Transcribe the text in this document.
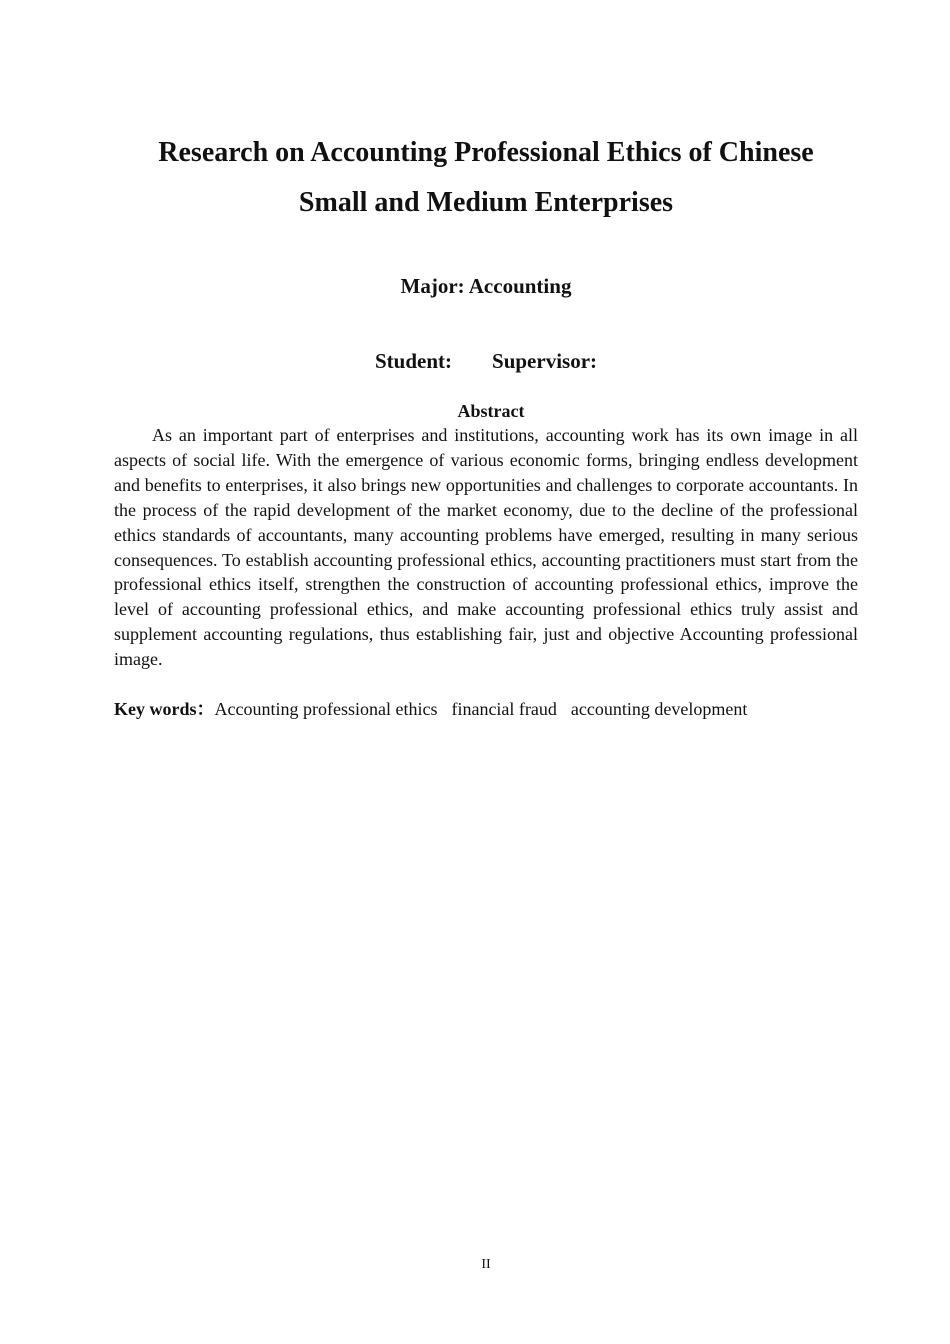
Research on Accounting Professional Ethics of Chinese
Small and Medium Enterprises

Major: Accounting

Student: Supervisor:

Abstract

As an important part of enterprises and institutions, accounting work has its own image in all aspects of social life. With the emergence of various economic forms, bringing endless development and benefits to enterprises, it also brings new opportunities and challenges to corporate accountants. In the process of the rapid development of the market economy, due to the decline of the professional ethics standards of accountants, many accounting problems have emerged, resulting in many serious consequences. To establish accounting professional ethics, accounting practitioners must start from the professional ethics itself, strengthen the construction of accounting professional ethics, improve the level of accounting professional ethics, and make accounting professional ethics truly assist and supplement accounting regulations, thus establishing fair, just and objective Accounting professional image.

Key words：Accounting professional ethics financial fraud accounting development

II
